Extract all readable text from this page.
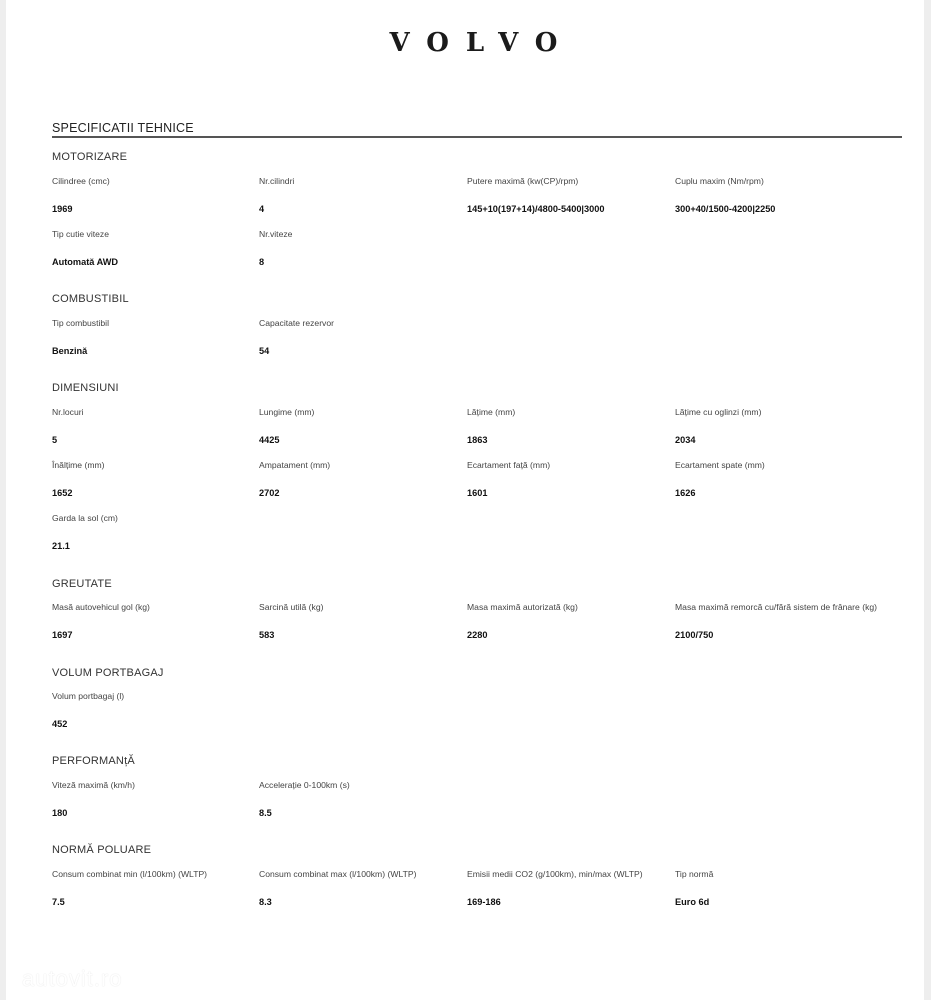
VOLVO
SPECIFICATII TEHNICE
MOTORIZARE
Cilindree (cmc)
1969
Nr.cilindri
4
Putere maximă (kw(CP)/rpm)
145+10(197+14)/4800-5400|3000
Cuplu maxim (Nm/rpm)
300+40/1500-4200|2250
Tip cutie viteze
Automată AWD
Nr.viteze
8
COMBUSTIBIL
Tip combustibil
Benzină
Capacitate rezervor
54
DIMENSIUNI
Nr.locuri
5
Lungime (mm)
4425
Lățime (mm)
1863
Lățime cu oglinzi (mm)
2034
Înălțime (mm)
1652
Ampatament (mm)
2702
Ecartament față (mm)
1601
Ecartament spate (mm)
1626
Garda la sol (cm)
21.1
GREUTATE
Masă autovehicul gol (kg)
1697
Sarcină utilă (kg)
583
Masa maximă autorizată (kg)
2280
Masa maximă remorcă cu/fără sistem de frânare (kg)
2100/750
VOLUM PORTBAGAJ
Volum portbagaj (l)
452
PERFORMANțĂ
Viteză maximă (km/h)
180
Accelerație 0-100km (s)
8.5
NORMĂ POLUARE
Consum combinat min (l/100km) (WLTP)
7.5
Consum combinat max (l/100km) (WLTP)
8.3
Emisii medii CO2 (g/100km), min/max (WLTP)
169-186
Tip normă
Euro 6d
autovit.ro
